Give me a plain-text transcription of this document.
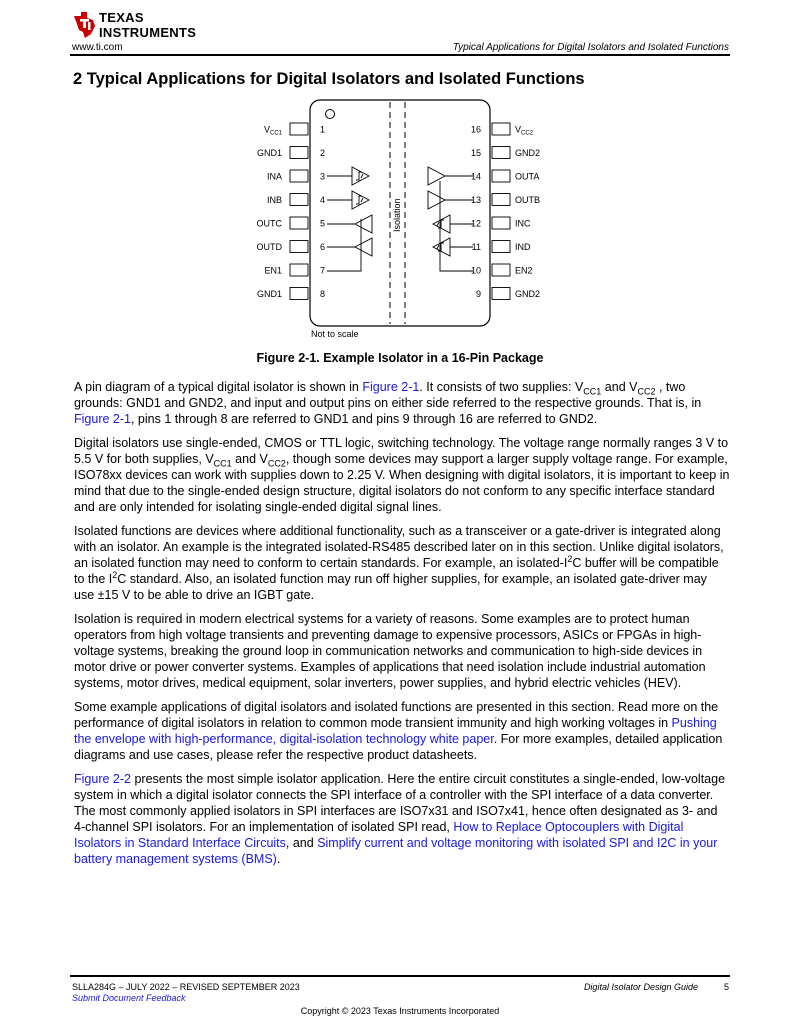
TEXAS
INSTRUMENTS
www.ti.com	Typical Applications for Digital Isolators and Isolated Functions
2 Typical Applications for Digital Isolators and Isolated Functions
Isolation
1
$V_{CC1}$
2
GND1
3
INA
4
INB
5
OUTC
6
OUTD
7
EN1
8
GND1
16	$V_{CC2}$
15	GND2
14	OUTA
13	OUTB
12	INC
11	IND
10	EN2
9	GND2
Not to scale
Figure 2-1. Example Isolator in a 16-Pin Package

A pin diagram of a typical digital isolator is shown in Figure 2-1. It consists of two supplies: $V_{CC1}$ and $V_{CC2}$ , two grounds: GND1 and GND2, and input and output pins on either side referred to the respective grounds. That is, in Figure 2-1, pins 1 through 8 are referred to GND1 and pins 9 through 16 are referred to GND2.

Digital isolators use single-ended, CMOS or TTL logic, switching technology. The voltage range normally ranges 3 V to 5.5 V for both supplies, $V_{CC1}$ and $V_{CC2}$, though some devices may support a larger supply voltage range. For example, ISO78xx devices can work with supplies down to 2.25 V. When designing with digital isolators, it is important to keep in mind that due to the single-ended design structure, digital isolators do not conform to any specific interface standard and are only intended for isolating single-ended digital signal lines.

Isolated functions are devices where additional functionality, such as a transceiver or a gate-driver is integrated along with an isolator. An example is the integrated isolated-RS485 described later on in this section. Unlike digital isolators, an isolated function may need to conform to certain standards. For example, an isolated-$I^2C$ buffer will be compatible to the $I^2C$ standard. Also, an isolated function may run off higher supplies, for example, an isolated gate-driver may use ±15 V to be able to drive an IGBT gate.

Isolation is required in modern electrical systems for a variety of reasons. Some examples are to protect human operators from high voltage transients and preventing damage to expensive processors, ASICs or FPGAs in high-voltage systems, breaking the ground loop in communication networks and communication to high-side devices in motor drive or power converter systems. Examples of applications that need isolation include industrial automation systems, motor drives, medical equipment, solar inverters, power supplies, and hybrid electric vehicles (HEV).

Some example applications of digital isolators and isolated functions are presented in this section. Read more on the performance of digital isolators in relation to common mode transient immunity and high working voltages in Pushing the envelope with high-performance, digital-isolation technology white paper. For more examples, detailed application diagrams and use cases, please refer the respective product datasheets.

Figure 2-2 presents the most simple isolator application. Here the entire circuit constitutes a single-ended, low-voltage system in which a digital isolator connects the SPI interface of a controller with the SPI interface of a data converter. The most commonly applied isolators in SPI interfaces are ISO7x31 and ISO7x41, hence often designated as 3- and 4-channel SPI isolators. For an implementation of isolated SPI read, How to Replace Optocouplers with Digital Isolators in Standard Interface Circuits, and Simplify current and voltage monitoring with isolated SPI and I2C in your battery management systems (BMS).

SLLA284G – JULY 2022 – REVISED SEPTEMBER 2023
Submit Document Feedback
Digital Isolator Design Guide	5
Copyright © 2023 Texas Instruments Incorporated
